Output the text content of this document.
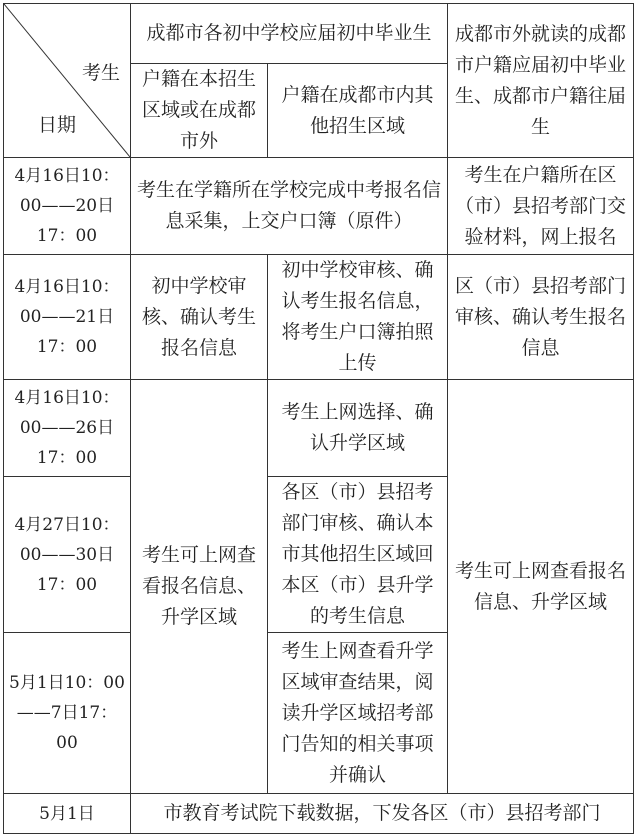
考生
日期	成都市各初中学校应届初中毕业生		成都市外就读的成都市户籍应届初中毕业生、成都市户籍往届生
	户籍在本招生区域或在成都市外	户籍在成都市内其他招生区域	
4月16日10：00——20日17：00	考生在学籍所在学校完成中考报名信息采集，上交户口簿（原件）		考生在户籍所在区（市）县招考部门交验材料，网上报名
4月16日10：00——21日17：00	初中学校审核、确认考生报名信息	初中学校审核、确认考生报名信息，将考生户口簿拍照上传	区（市）县招考部门审核、确认考生报名信息
4月16日10：00——26日17：00	考生可上网查看报名信息、升学区域	考生上网选择、确认升学区域	考生可上网查看报名信息、升学区域
4月27日10：00——30日17：00		各区（市）县招考部门审核、确认本市其他招生区域回本区（市）县升学的考生信息	
5月1日10：00——7日17：00		考生上网查看升学区域审查结果，阅读升学区域招考部门告知的相关事项并确认	
5月1日	市教育考试院下载数据，下发各区（市）县招考部门		
